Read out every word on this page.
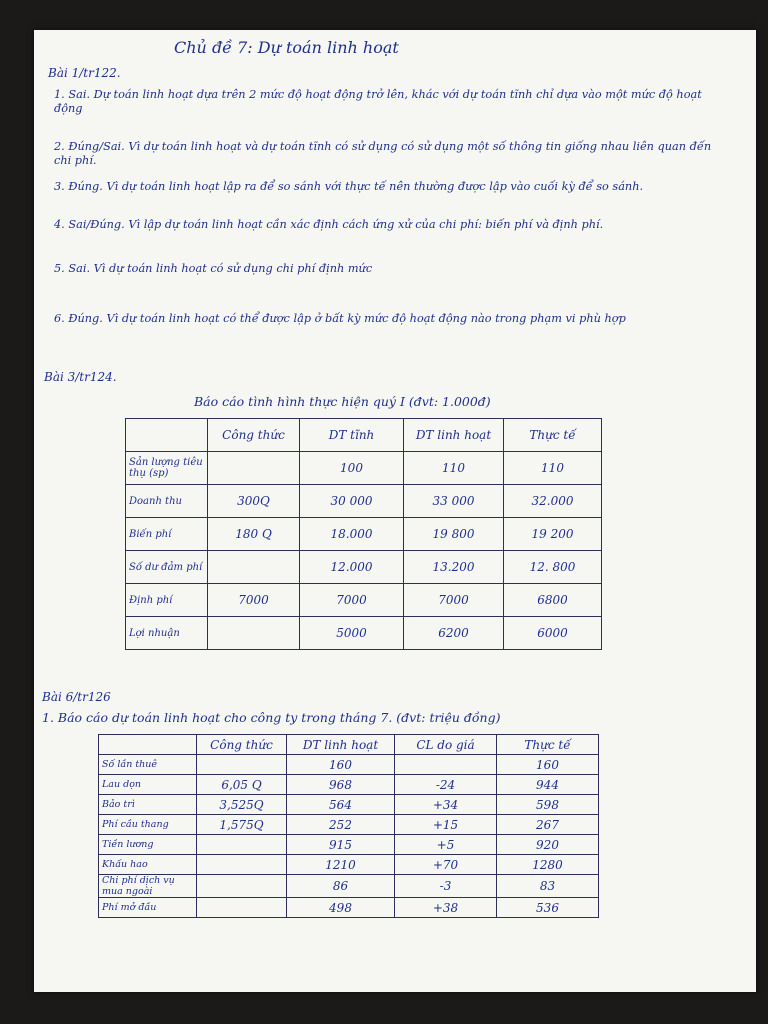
Chủ đề 7: Dự toán linh hoạt
Bài 1/tr122.
1. Sai. Dự toán linh hoạt dựa trên 2 mức độ hoạt động trở lên, khác với dự toán tĩnh chỉ dựa vào một mức độ hoạt động
2. Đúng/Sai. Vì dự toán linh hoạt và dự toán tĩnh có sử dụng có sử dụng một số thông tin giống nhau liên quan đến chi phí.
3. Đúng. Vì dự toán linh hoạt lập ra để so sánh với thực tế nên thường được lập vào cuối kỳ để so sánh.
4. Sai/Đúng. Vì lập dự toán linh hoạt cần xác định cách ứng xử của chi phí: biến phí và định phí.
5. Sai. Vì dự toán linh hoạt có sử dụng chi phí định mức
6. Đúng. Vì dự toán linh hoạt có thể được lập ở bất kỳ mức độ hoạt động nào trong phạm vi phù hợp
Bài 3/tr124.
Báo cáo tình hình thực hiện quý I (đvt: 1.000đ)
	Công thức	DT tĩnh	DT linh hoạt	Thực tế
Sản lượng tiêu thụ (sp)		100	110	110
Doanh thu	300Q	30 000	33 000	32.000
Biến phí	180 Q	18.000	19 800	19 200
Số dư đảm phí		12.000	13.200	12. 800
Định phí	7000	7000	7000	6800
Lợi nhuận		5000	6200	6000
Bài 6/tr126
1. Báo cáo dự toán linh hoạt cho công ty trong tháng 7. (đvt: triệu đồng)
	Công thức	DT linh hoạt	CL do giá	Thực tế
Số lần thuê		160		160
Lau dọn	6,05 Q	968	-24	944
Bảo trì	3,525Q	564	+34	598
Phí cầu thang	1,575Q	252	+15	267
Tiền lương		915	+5	920
Khấu hao		1210	+70	1280
Chi phí dịch vụ mua ngoài		86	-3	83
Phí mở đầu		498	+38	536
